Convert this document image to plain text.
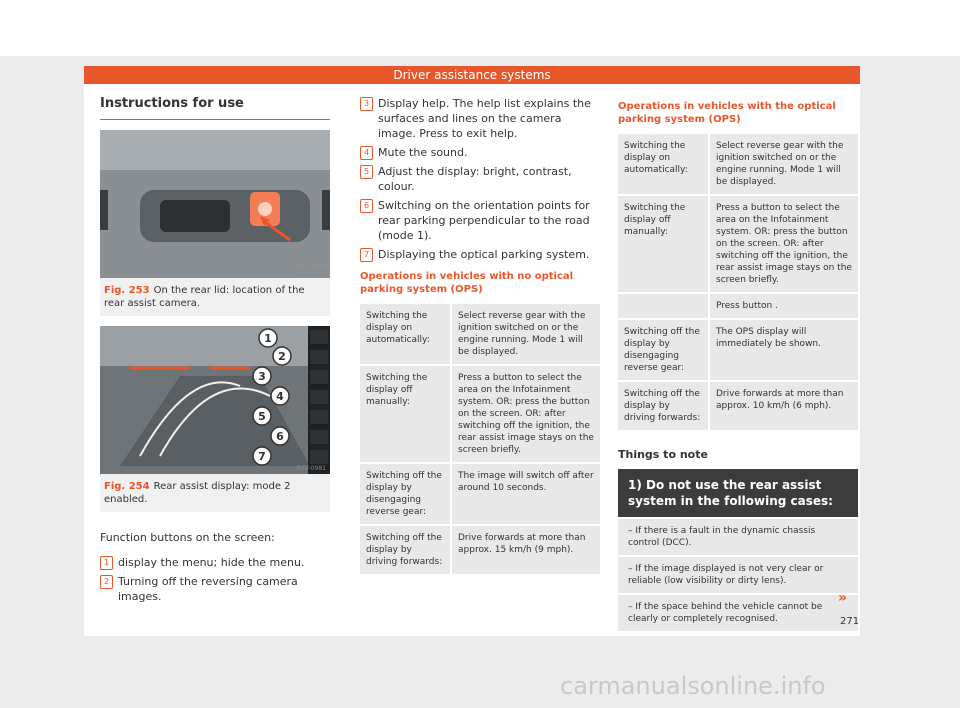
Driver assistance systems
Instructions for use
B7V-0980
Fig. 253 On the rear lid: location of the rear assist camera.
1
2
3
4
5
6
7
B7V-0981
Fig. 254 Rear assist display: mode 2 enabled.

Function buttons on the screen:

1 display the menu; hide the menu.
2 Turning off the reversing camera images.
3 Display help. The help list explains the surfaces and lines on the camera image. Press to exit help.
4 Mute the sound.
5 Adjust the display: bright, contrast, colour.
6 Switching on the orientation points for rear parking perpendicular to the road (mode 1).
7 Displaying the optical parking system.
Operations in vehicles with no optical parking system (OPS)
Switching the display on automatically:	Select reverse gear with the ignition switched on or the engine running. Mode 1 will be displayed.
Switching the display off manually:	Press a button to select the area on the Infotainment system. OR: press the button on the screen. OR: after switching off the ignition, the rear assist image stays on the screen briefly.
Switching off the display by disengaging reverse gear:	The image will switch off after around 10 seconds.
Switching off the display by driving forwards:	Drive forwards at more than approx. 15 km/h (9 mph).
Operations in vehicles with the optical parking system (OPS)
Switching the display on automatically:	Select reverse gear with the ignition switched on or the engine running. Mode 1 will be displayed.
Switching the display off manually:	Press a button to select the area on the Infotainment system. OR: press the button on the screen. OR: after switching off the ignition, the rear assist image stays on the screen briefly.
	Press button .
Switching off the display by disengaging reverse gear:	The OPS display will immediately be shown.
Switching off the display by driving forwards:	Drive forwards at more than approx. 10 km/h (6 mph).
Things to note
1) Do not use the rear assist system in the following cases:
– If there is a fault in the dynamic chassis control (DCC).
– If the image displayed is not very clear or reliable (low visibility or dirty lens).
– If the space behind the vehicle cannot be clearly or completely recognised.
»
271
carmanualsonline.info
